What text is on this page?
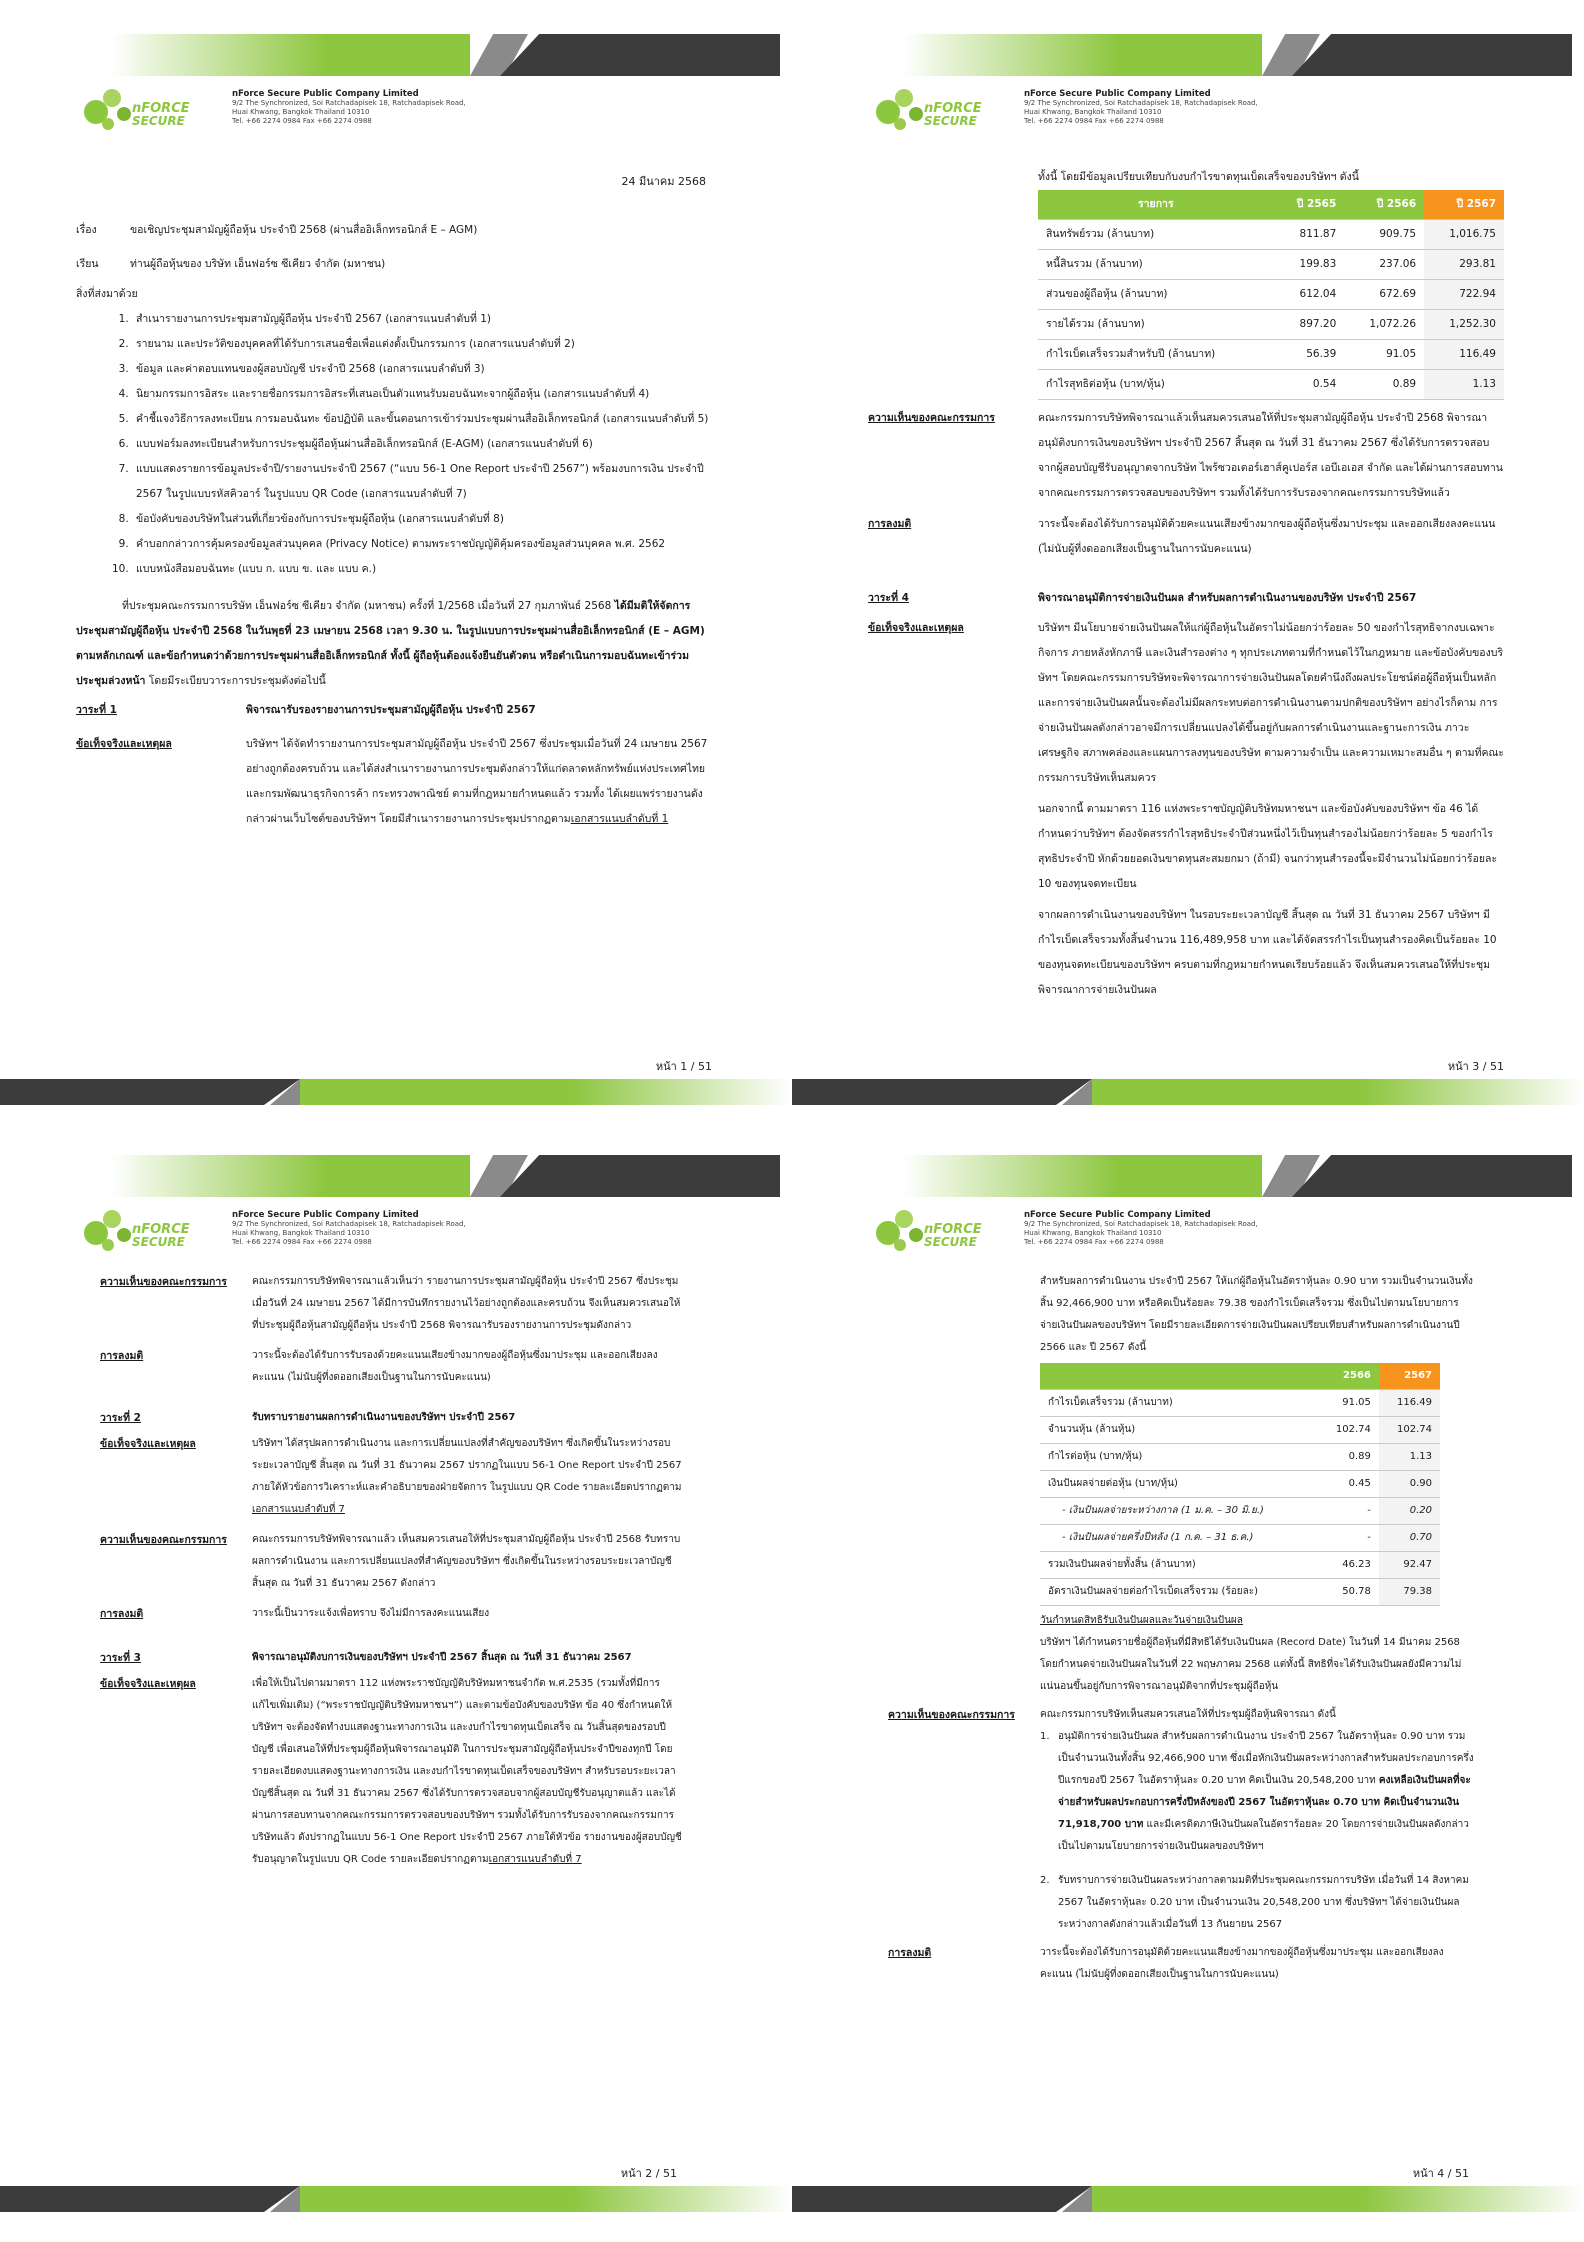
nFORCE
SECURE
nForce Secure Public Company Limited
9/2 The Synchronized, Soi Ratchadapisek 18, Ratchadapisek Road,
Huai Khwang, Bangkok Thailand 10310
Tel. +66 2274 0984 Fax +66 2274 0988
24 มีนาคม 2568
เรื่อง	ขอเชิญประชุมสามัญผู้ถือหุ้น ประจำปี 2568 (ผ่านสื่ออิเล็กทรอนิกส์ E – AGM)
เรียน	ท่านผู้ถือหุ้นของ บริษัท เอ็นฟอร์ซ ซีเคียว จำกัด (มหาชน)
สิ่งที่ส่งมาด้วย
1. สำเนารายงานการประชุมสามัญผู้ถือหุ้น ประจำปี 2567 (เอกสารแนบลำดับที่ 1)
2. รายนาม และประวัติของบุคคลที่ได้รับการเสนอชื่อเพื่อแต่งตั้งเป็นกรรมการ (เอกสารแนบลำดับที่ 2)
3. ข้อมูล และค่าตอบแทนของผู้สอบบัญชี ประจำปี 2568 (เอกสารแนบลำดับที่ 3)
4. นิยามกรรมการอิสระ และรายชื่อกรรมการอิสระที่เสนอเป็นตัวแทนรับมอบฉันทะจากผู้ถือหุ้น (เอกสารแนบลำดับที่ 4)
5. คำชี้แจงวิธีการลงทะเบียน การมอบฉันทะ ข้อปฏิบัติ และขั้นตอนการเข้าร่วมประชุมผ่านสื่ออิเล็กทรอนิกส์ (เอกสารแนบลำดับที่ 5)
6. แบบฟอร์มลงทะเบียนสำหรับการประชุมผู้ถือหุ้นผ่านสื่ออิเล็กทรอนิกส์ (E-AGM) (เอกสารแนบลำดับที่ 6)
7. แบบแสดงรายการข้อมูลประจำปี/รายงานประจำปี 2567 (“แบบ 56-1 One Report ประจำปี 2567”) พร้อมงบการเงิน ประจำปี 2567 ในรูปแบบรหัสคิวอาร์ ในรูปแบบ QR Code (เอกสารแนบลำดับที่ 7)
8. ข้อบังคับของบริษัทในส่วนที่เกี่ยวข้องกับการประชุมผู้ถือหุ้น (เอกสารแนบลำดับที่ 8)
9. คำบอกกล่าวการคุ้มครองข้อมูลส่วนบุคคล (Privacy Notice) ตามพระราชบัญญัติคุ้มครองข้อมูลส่วนบุคคล พ.ศ. 2562
10. แบบหนังสือมอบฉันทะ (แบบ ก. แบบ ข. และ แบบ ค.)
ที่ประชุมคณะกรรมการบริษัท เอ็นฟอร์ซ ซีเคียว จำกัด (มหาชน) ครั้งที่ 1/2568 เมื่อวันที่ 27 กุมภาพันธ์ 2568 ได้มีมติให้จัดการประชุมสามัญผู้ถือหุ้น ประจำปี 2568 ในวันพุธที่ 23 เมษายน 2568 เวลา 9.30 น. ในรูปแบบการประชุมผ่านสื่ออิเล็กทรอนิกส์ (E – AGM) ตามหลักเกณฑ์ และข้อกำหนดว่าด้วยการประชุมผ่านสื่ออิเล็กทรอนิกส์ ทั้งนี้ ผู้ถือหุ้นต้องแจ้งยืนยันตัวตน หรือดำเนินการมอบฉันทะเข้าร่วมประชุมล่วงหน้า โดยมีระเบียบวาระการประชุมดังต่อไปนี้
วาระที่ 1	พิจารณารับรองรายงานการประชุมสามัญผู้ถือหุ้น ประจำปี 2567
ข้อเท็จจริงและเหตุผล	บริษัทฯ ได้จัดทำรายงานการประชุมสามัญผู้ถือหุ้น ประจำปี 2567 ซึ่งประชุมเมื่อวันที่ 24 เมษายน 2567 อย่างถูกต้องครบถ้วน และได้ส่งสำเนารายงานการประชุมดังกล่าวให้แก่ตลาดหลักทรัพย์แห่งประเทศไทย และกรมพัฒนาธุรกิจการค้า กระทรวงพาณิชย์ ตามที่กฎหมายกำหนดแล้ว รวมทั้ง ได้เผยแพร่รายงานดังกล่าวผ่านเว็บไซต์ของบริษัทฯ โดยมีสำเนารายงานการประชุมปรากฏตามเอกสารแนบลำดับที่ 1
หน้า 1 / 51
nFORCE
SECURE
nForce Secure Public Company Limited
9/2 The Synchronized, Soi Ratchadapisek 18, Ratchadapisek Road,
Huai Khwang, Bangkok Thailand 10310
Tel. +66 2274 0984 Fax +66 2274 0988
ทั้งนี้ โดยมีข้อมูลเปรียบเทียบกับงบกำไรขาดทุนเบ็ดเสร็จของบริษัทฯ ดังนี้
รายการ	ปี 2565	ปี 2566	ปี 2567
สินทรัพย์รวม (ล้านบาท)	811.87	909.75	1,016.75
หนี้สินรวม (ล้านบาท)	199.83	237.06	293.81
ส่วนของผู้ถือหุ้น (ล้านบาท)	612.04	672.69	722.94
รายได้รวม (ล้านบาท)	897.20	1,072.26	1,252.30
กำไรเบ็ดเสร็จรวมสำหรับปี (ล้านบาท)	56.39	91.05	116.49
กำไรสุทธิต่อหุ้น (บาท/หุ้น)	0.54	0.89	1.13
ความเห็นของคณะกรรมการ	คณะกรรมการบริษัทพิจารณาแล้วเห็นสมควรเสนอให้ที่ประชุมสามัญผู้ถือหุ้น ประจำปี 2568 พิจารณาอนุมัติงบการเงินของบริษัทฯ ประจำปี 2567 สิ้นสุด ณ วันที่ 31 ธันวาคม 2567 ซึ่งได้รับการตรวจสอบจากผู้สอบบัญชีรับอนุญาตจากบริษัท ไพร้ซวอเตอร์เฮาส์คูเปอร์ส เอบีเอเอส จำกัด และได้ผ่านการสอบทานจากคณะกรรมการตรวจสอบของบริษัทฯ รวมทั้งได้รับการรับรองจากคณะกรรมการบริษัทแล้ว
การลงมติ	วาระนี้จะต้องได้รับการอนุมัติด้วยคะแนนเสียงข้างมากของผู้ถือหุ้นซึ่งมาประชุม และออกเสียงลงคะแนน (ไม่นับผู้ที่งดออกเสียงเป็นฐานในการนับคะแนน)
วาระที่ 4	พิจารณาอนุมัติการจ่ายเงินปันผล สำหรับผลการดำเนินงานของบริษัท ประจำปี 2567
ข้อเท็จจริงและเหตุผล	บริษัทฯ มีนโยบายจ่ายเงินปันผลให้แก่ผู้ถือหุ้นในอัตราไม่น้อยกว่าร้อยละ 50 ของกำไรสุทธิจากงบเฉพาะกิจการ ภายหลังหักภาษี และเงินสำรองต่าง ๆ ทุกประเภทตามที่กำหนดไว้ในกฎหมาย และข้อบังคับของบริษัทฯ โดยคณะกรรมการบริษัทจะพิจารณาการจ่ายเงินปันผลโดยคำนึงถึงผลประโยชน์ต่อผู้ถือหุ้นเป็นหลัก และการจ่ายเงินปันผลนั้นจะต้องไม่มีผลกระทบต่อการดำเนินงานตามปกติของบริษัทฯ อย่างไรก็ตาม การจ่ายเงินปันผลดังกล่าวอาจมีการเปลี่ยนแปลงได้ขึ้นอยู่กับผลการดำเนินงานและฐานะการเงิน ภาวะเศรษฐกิจ สภาพคล่องและแผนการลงทุนของบริษัท ตามความจำเป็น และความเหมาะสมอื่น ๆ ตามที่คณะกรรมการบริษัทเห็นสมควร
นอกจากนี้ ตามมาตรา 116 แห่งพระราชบัญญัติบริษัทมหาชนฯ และข้อบังคับของบริษัทฯ ข้อ 46 ได้กำหนดว่าบริษัทฯ ต้องจัดสรรกำไรสุทธิประจำปีส่วนหนึ่งไว้เป็นทุนสำรองไม่น้อยกว่าร้อยละ 5 ของกำไรสุทธิประจำปี หักด้วยยอดเงินขาดทุนสะสมยกมา (ถ้ามี) จนกว่าทุนสำรองนี้จะมีจำนวนไม่น้อยกว่าร้อยละ 10 ของทุนจดทะเบียน
จากผลการดำเนินงานของบริษัทฯ ในรอบระยะเวลาบัญชี สิ้นสุด ณ วันที่ 31 ธันวาคม 2567 บริษัทฯ มีกำไรเบ็ดเสร็จรวมทั้งสิ้นจำนวน 116,489,958 บาท และได้จัดสรรกำไรเป็นทุนสำรองคิดเป็นร้อยละ 10 ของทุนจดทะเบียนของบริษัทฯ ครบตามที่กฎหมายกำหนดเรียบร้อยแล้ว จึงเห็นสมควรเสนอให้ที่ประชุมพิจารณาการจ่ายเงินปันผล
หน้า 3 / 51
nFORCE
SECURE
nForce Secure Public Company Limited
9/2 The Synchronized, Soi Ratchadapisek 18, Ratchadapisek Road,
Huai Khwang, Bangkok Thailand 10310
Tel. +66 2274 0984 Fax +66 2274 0988
ความเห็นของคณะกรรมการ	คณะกรรมการบริษัทพิจารณาแล้วเห็นว่า รายงานการประชุมสามัญผู้ถือหุ้น ประจำปี 2567 ซึ่งประชุมเมื่อวันที่ 24 เมษายน 2567 ได้มีการบันทึกรายงานไว้อย่างถูกต้องและครบถ้วน จึงเห็นสมควรเสนอให้ที่ประชุมผู้ถือหุ้นสามัญผู้ถือหุ้น ประจำปี 2568 พิจารณารับรองรายงานการประชุมดังกล่าว
การลงมติ	วาระนี้จะต้องได้รับการรับรองด้วยคะแนนเสียงข้างมากของผู้ถือหุ้นซึ่งมาประชุม และออกเสียงลงคะแนน (ไม่นับผู้ที่งดออกเสียงเป็นฐานในการนับคะแนน)
วาระที่ 2	รับทราบรายงานผลการดำเนินงานของบริษัทฯ ประจำปี 2567
ข้อเท็จจริงและเหตุผล	บริษัทฯ ได้สรุปผลการดำเนินงาน และการเปลี่ยนแปลงที่สำคัญของบริษัทฯ ซึ่งเกิดขึ้นในระหว่างรอบระยะเวลาบัญชี สิ้นสุด ณ วันที่ 31 ธันวาคม 2567 ปรากฏในแบบ 56-1 One Report ประจำปี 2567 ภายใต้หัวข้อการวิเคราะห์และคำอธิบายของฝ่ายจัดการ ในรูปแบบ QR Code รายละเอียดปรากฏตามเอกสารแนบลำดับที่ 7
ความเห็นของคณะกรรมการ	คณะกรรมการบริษัทพิจารณาแล้ว เห็นสมควรเสนอให้ที่ประชุมสามัญผู้ถือหุ้น ประจำปี 2568 รับทราบผลการดำเนินงาน และการเปลี่ยนแปลงที่สำคัญของบริษัทฯ ซึ่งเกิดขึ้นในระหว่างรอบระยะเวลาบัญชี สิ้นสุด ณ วันที่ 31 ธันวาคม 2567 ดังกล่าว
การลงมติ	วาระนี้เป็นวาระแจ้งเพื่อทราบ จึงไม่มีการลงคะแนนเสียง
วาระที่ 3	พิจารณาอนุมัติงบการเงินของบริษัทฯ ประจำปี 2567 สิ้นสุด ณ วันที่ 31 ธันวาคม 2567
ข้อเท็จจริงและเหตุผล	เพื่อให้เป็นไปตามมาตรา 112 แห่งพระราชบัญญัติบริษัทมหาชนจำกัด พ.ศ.2535 (รวมทั้งที่มีการแก้ไขเพิ่มเติม) (“พระราชบัญญัติบริษัทมหาชนฯ”) และตามข้อบังคับของบริษัท ข้อ 40 ซึ่งกำหนดให้บริษัทฯ จะต้องจัดทำงบแสดงฐานะทางการเงิน และงบกำไรขาดทุนเบ็ดเสร็จ ณ วันสิ้นสุดของรอบปีบัญชี เพื่อเสนอให้ที่ประชุมผู้ถือหุ้นพิจารณาอนุมัติ ในการประชุมสามัญผู้ถือหุ้นประจำปีของทุกปี โดยรายละเอียดงบแสดงฐานะทางการเงิน และงบกำไรขาดทุนเบ็ดเสร็จของบริษัทฯ สำหรับรอบระยะเวลาบัญชีสิ้นสุด ณ วันที่ 31 ธันวาคม 2567 ซึ่งได้รับการตรวจสอบจากผู้สอบบัญชีรับอนุญาตแล้ว และได้ผ่านการสอบทานจากคณะกรรมการตรวจสอบของบริษัทฯ รวมทั้งได้รับการรับรองจากคณะกรรมการบริษัทแล้ว ดังปรากฏในแบบ 56-1 One Report ประจำปี 2567 ภายใต้หัวข้อ รายงานของผู้สอบบัญชีรับอนุญาตในรูปแบบ QR Code รายละเอียดปรากฏตามเอกสารแนบลำดับที่ 7
หน้า 2 / 51
nFORCE
SECURE
nForce Secure Public Company Limited
9/2 The Synchronized, Soi Ratchadapisek 18, Ratchadapisek Road,
Huai Khwang, Bangkok Thailand 10310
Tel. +66 2274 0984 Fax +66 2274 0988
สำหรับผลการดำเนินงาน ประจำปี 2567 ให้แก่ผู้ถือหุ้นในอัตราหุ้นละ 0.90 บาท รวมเป็นจำนวนเงินทั้งสิ้น 92,466,900 บาท หรือคิดเป็นร้อยละ 79.38 ของกำไรเบ็ดเสร็จรวม ซึ่งเป็นไปตามนโยบายการจ่ายเงินปันผลของบริษัทฯ โดยมีรายละเอียดการจ่ายเงินปันผลเปรียบเทียบสำหรับผลการดำเนินงานปี 2566 และ ปี 2567 ดังนี้
	2566	2567
กำไรเบ็ดเสร็จรวม (ล้านบาท)	91.05	116.49
จำนวนหุ้น (ล้านหุ้น)	102.74	102.74
กำไรต่อหุ้น (บาท/หุ้น)	0.89	1.13
เงินปันผลจ่ายต่อหุ้น (บาท/หุ้น)	0.45	0.90
- เงินปันผลจ่ายระหว่างกาล (1 ม.ค. – 30 มิ.ย.)	-	0.20
- เงินปันผลจ่ายครึ่งปีหลัง (1 ก.ค. – 31 ธ.ค.)	-	0.70
รวมเงินปันผลจ่ายทั้งสิ้น (ล้านบาท)	46.23	92.47
อัตราเงินปันผลจ่ายต่อกำไรเบ็ดเสร็จรวม (ร้อยละ)	50.78	79.38
วันกำหนดสิทธิรับเงินปันผลและวันจ่ายเงินปันผล
บริษัทฯ ได้กำหนดรายชื่อผู้ถือหุ้นที่มีสิทธิได้รับเงินปันผล (Record Date) ในวันที่ 14 มีนาคม 2568 โดยกำหนดจ่ายเงินปันผลในวันที่ 22 พฤษภาคม 2568 แต่ทั้งนี้ สิทธิที่จะได้รับเงินปันผลยังมีความไม่แน่นอนขึ้นอยู่กับการพิจารณาอนุมัติจากที่ประชุมผู้ถือหุ้น
ความเห็นของคณะกรรมการ	คณะกรรมการบริษัทเห็นสมควรเสนอให้ที่ประชุมผู้ถือหุ้นพิจารณา ดังนี้
1. อนุมัติการจ่ายเงินปันผล สำหรับผลการดำเนินงาน ประจำปี 2567 ในอัตราหุ้นละ 0.90 บาท รวมเป็นจำนวนเงินทั้งสิ้น 92,466,900 บาท ซึ่งเมื่อหักเงินปันผลระหว่างกาลสำหรับผลประกอบการครึ่งปีแรกของปี 2567 ในอัตราหุ้นละ 0.20 บาท คิดเป็นเงิน 20,548,200 บาท คงเหลือเงินปันผลที่จะจ่ายสำหรับผลประกอบการครึ่งปีหลังของปี 2567 ในอัตราหุ้นละ 0.70 บาท คิดเป็นจำนวนเงิน 71,918,700 บาท และมีเครดิตภาษีเงินปันผลในอัตราร้อยละ 20 โดยการจ่ายเงินปันผลดังกล่าว เป็นไปตามนโยบายการจ่ายเงินปันผลของบริษัทฯ
2. รับทราบการจ่ายเงินปันผลระหว่างกาลตามมติที่ประชุมคณะกรรมการบริษัท เมื่อวันที่ 14 สิงหาคม 2567 ในอัตราหุ้นละ 0.20 บาท เป็นจำนวนเงิน 20,548,200 บาท ซึ่งบริษัทฯ ได้จ่ายเงินปันผลระหว่างกาลดังกล่าวแล้วเมื่อวันที่ 13 กันยายน 2567
การลงมติ	วาระนี้จะต้องได้รับการอนุมัติด้วยคะแนนเสียงข้างมากของผู้ถือหุ้นซึ่งมาประชุม และออกเสียงลงคะแนน (ไม่นับผู้ที่งดออกเสียงเป็นฐานในการนับคะแนน)
หน้า 4 / 51
